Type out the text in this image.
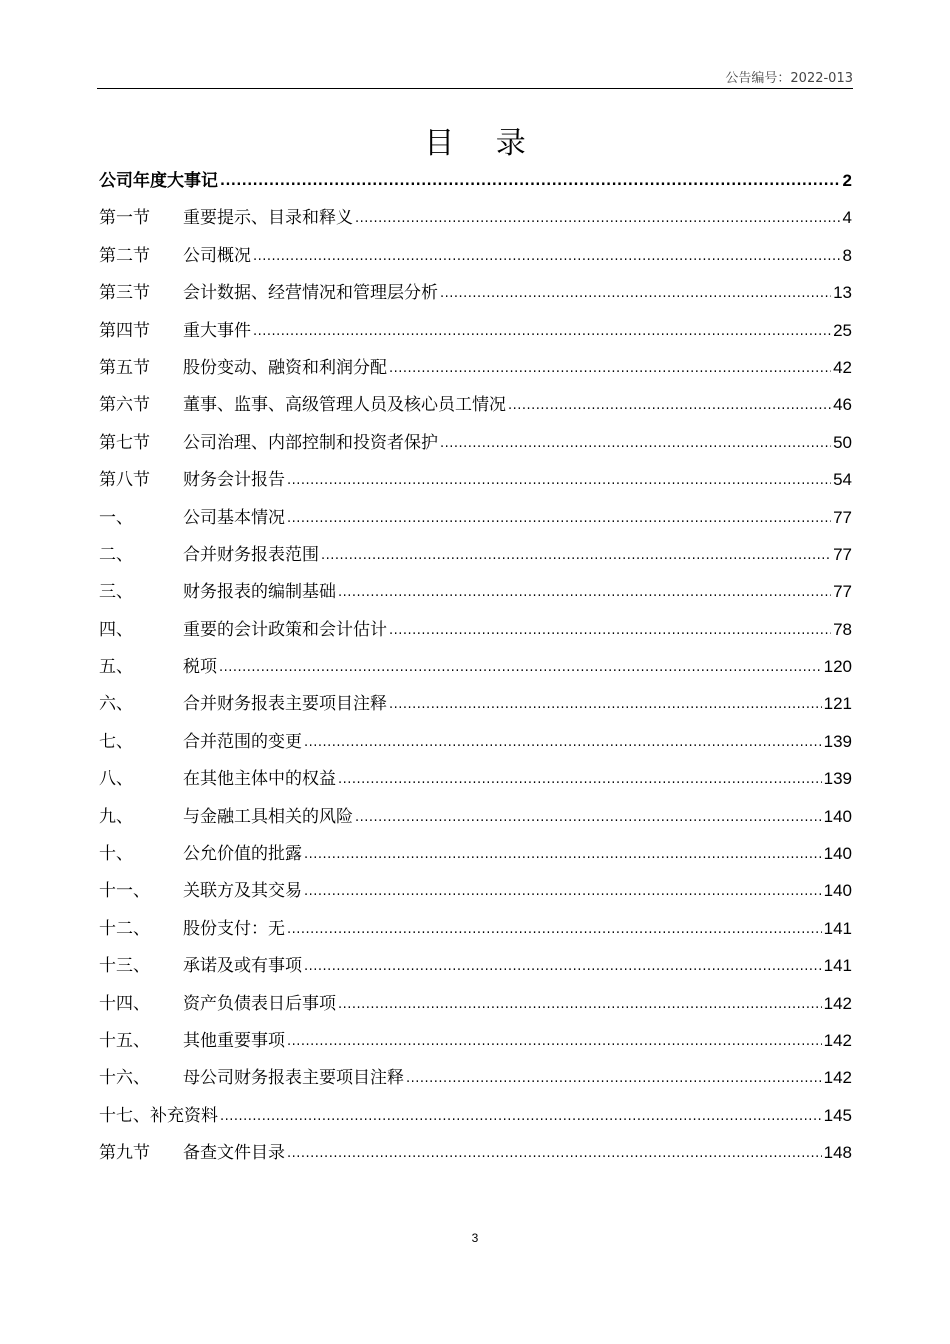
公告编号：2022-013
目 录
公司年度大事记 .....	2
第一节	重要提示、目录和释义 .....	4
第二节	公司概况 .....	8
第三节	会计数据、经营情况和管理层分析 .....	13
第四节	重大事件 .....	25
第五节	股份变动、融资和利润分配 .....	42
第六节	董事、监事、高级管理人员及核心员工情况 .....	46
第七节	公司治理、内部控制和投资者保护 .....	50
第八节	财务会计报告 .....	54
一、	公司基本情况 .....	77
二、	合并财务报表范围 .....	77
三、	财务报表的编制基础 .....	77
四、	重要的会计政策和会计估计 .....	78
五、	税项 .....	120
六、	合并财务报表主要项目注释 .....	121
七、	合并范围的变更 .....	139
八、	在其他主体中的权益 .....	139
九、	与金融工具相关的风险 .....	140
十、	公允价值的批露 .....	140
十一、	关联方及其交易 .....	140
十二、	股份支付：无 .....	141
十三、	承诺及或有事项 .....	141
十四、	资产负债表日后事项 .....	142
十五、	其他重要事项 .....	142
十六、	母公司财务报表主要项目注释 .....	142
十七、补充资料 .....	145
第九节	备查文件目录 .....	148
3
